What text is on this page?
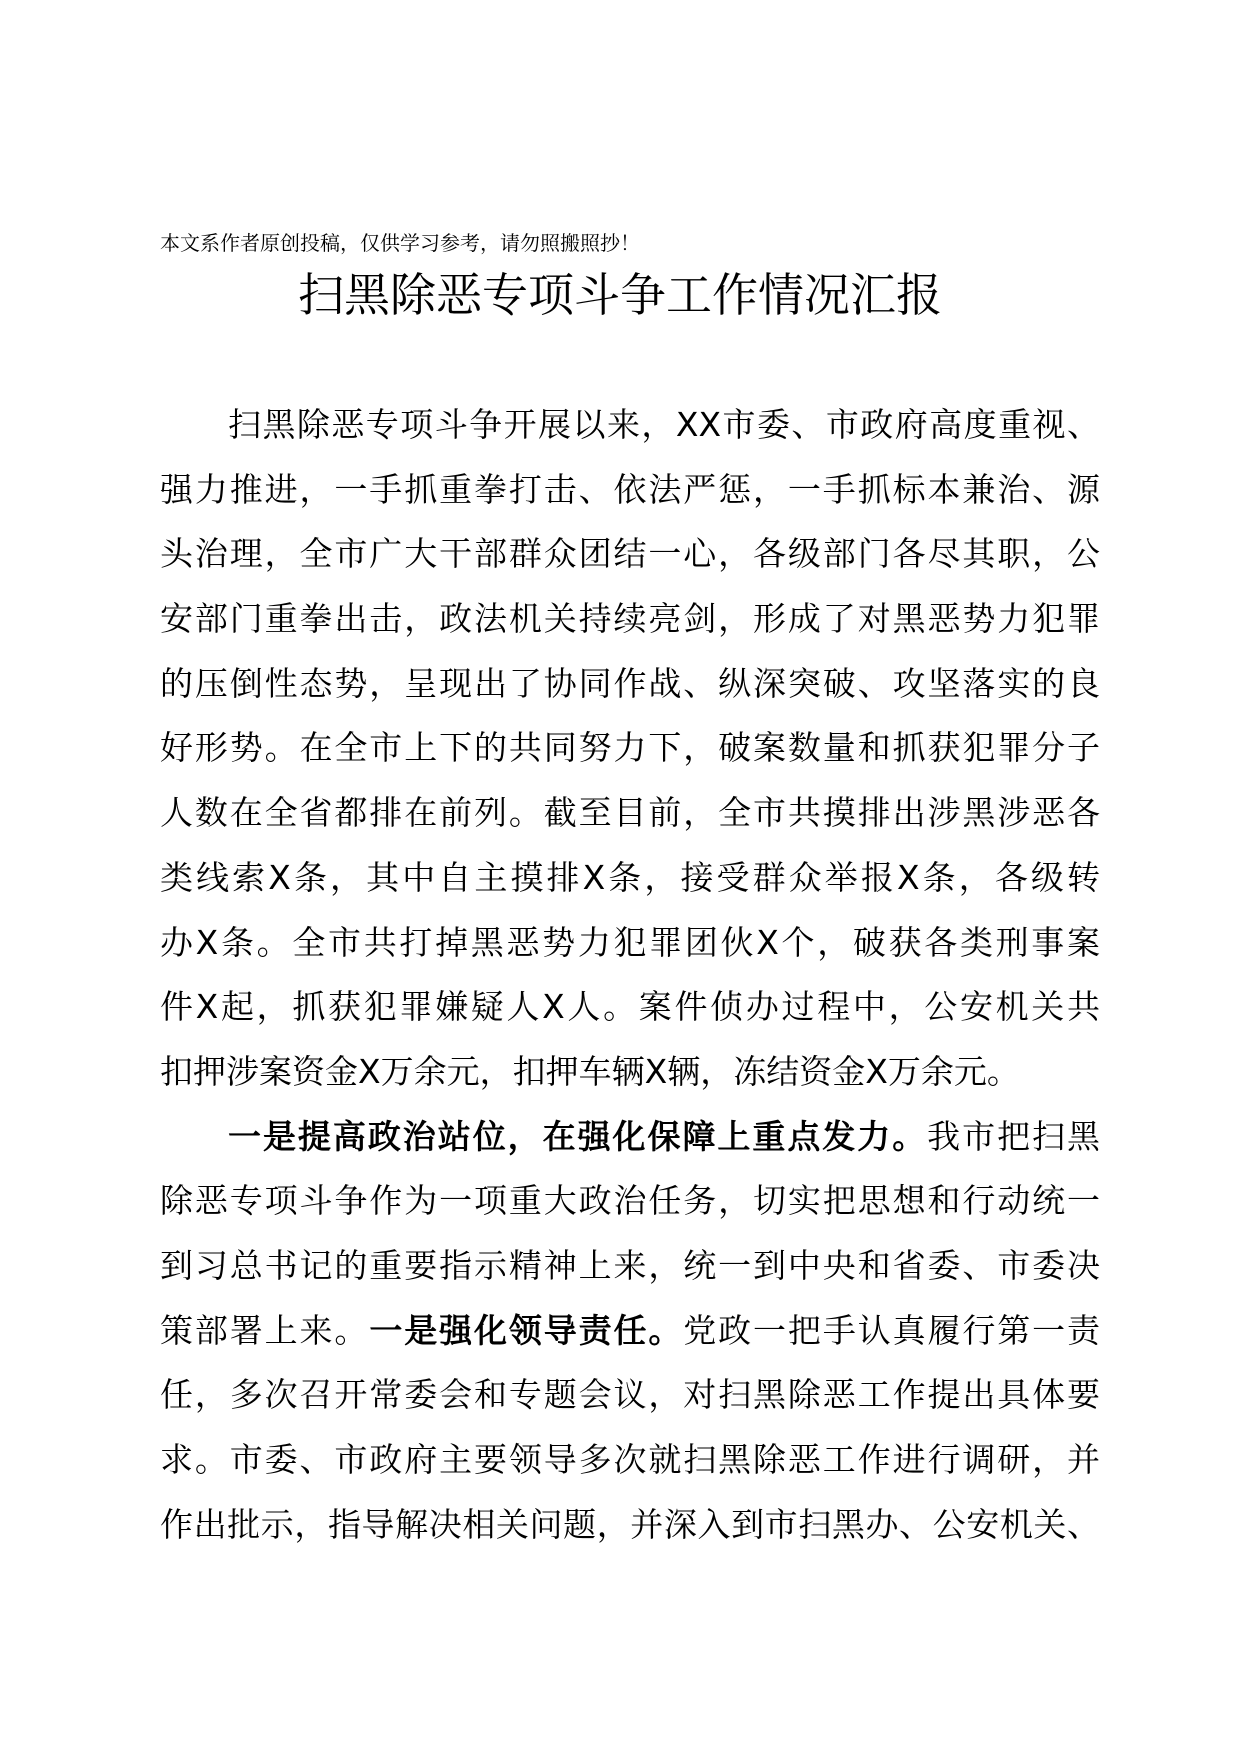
本文系作者原创投稿，仅供学习参考，请勿照搬照抄！
扫黑除恶专项斗争工作情况汇报
扫黑除恶专项斗争开展以来，XX市委、市政府高度重视、
强力推进，一手抓重拳打击、依法严惩，一手抓标本兼治、源
头治理，全市广大干部群众团结一心，各级部门各尽其职，公
安部门重拳出击，政法机关持续亮剑，形成了对黑恶势力犯罪
的压倒性态势，呈现出了协同作战、纵深突破、攻坚落实的良
好形势。在全市上下的共同努力下，破案数量和抓获犯罪分子
人数在全省都排在前列。截至目前，全市共摸排出涉黑涉恶各
类线索X条，其中自主摸排X条，接受群众举报X条，各级转
办X条。全市共打掉黑恶势力犯罪团伙X个，破获各类刑事案
件X起，抓获犯罪嫌疑人X人。案件侦办过程中，公安机关共
扣押涉案资金X万余元，扣押车辆X辆，冻结资金X万余元。
一是提高政治站位，在强化保障上重点发力。我市把扫黑
除恶专项斗争作为一项重大政治任务，切实把思想和行动统一
到习总书记的重要指示精神上来，统一到中央和省委、市委决
策部署上来。一是强化领导责任。党政一把手认真履行第一责
任，多次召开常委会和专题会议，对扫黑除恶工作提出具体要
求。市委、市政府主要领导多次就扫黑除恶工作进行调研，并
作出批示，指导解决相关问题，并深入到市扫黑办、公安机关、
